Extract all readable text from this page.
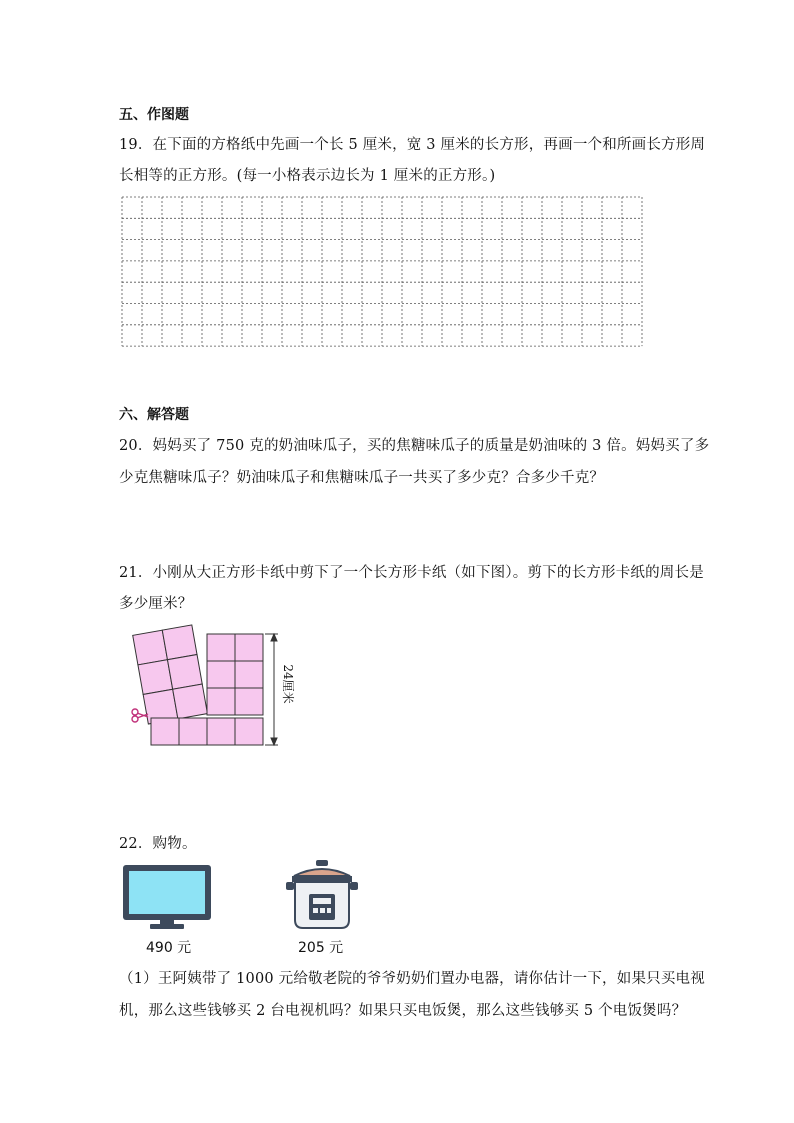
五、作图题
19．在下面的方格纸中先画一个长 5 厘米，宽 3 厘米的长方形，再画一个和所画长方形周
长相等的正方形。(每一小格表示边长为 1 厘米的正方形。)
六、解答题
20．妈妈买了 750 克的奶油味瓜子，买的焦糖味瓜子的质量是奶油味的 3 倍。妈妈买了多
少克焦糖味瓜子？奶油味瓜子和焦糖味瓜子一共买了多少克？合多少千克？
21．小刚从大正方形卡纸中剪下了一个长方形卡纸（如下图）。剪下的长方形卡纸的周长是
多少厘米？
24厘米
22．购物。
490 元	205 元
（1）王阿姨带了 1000 元给敬老院的爷爷奶奶们置办电器，请你估计一下，如果只买电视
机，那么这些钱够买 2 台电视机吗？如果只买电饭煲，那么这些钱够买 5 个电饭煲吗？
